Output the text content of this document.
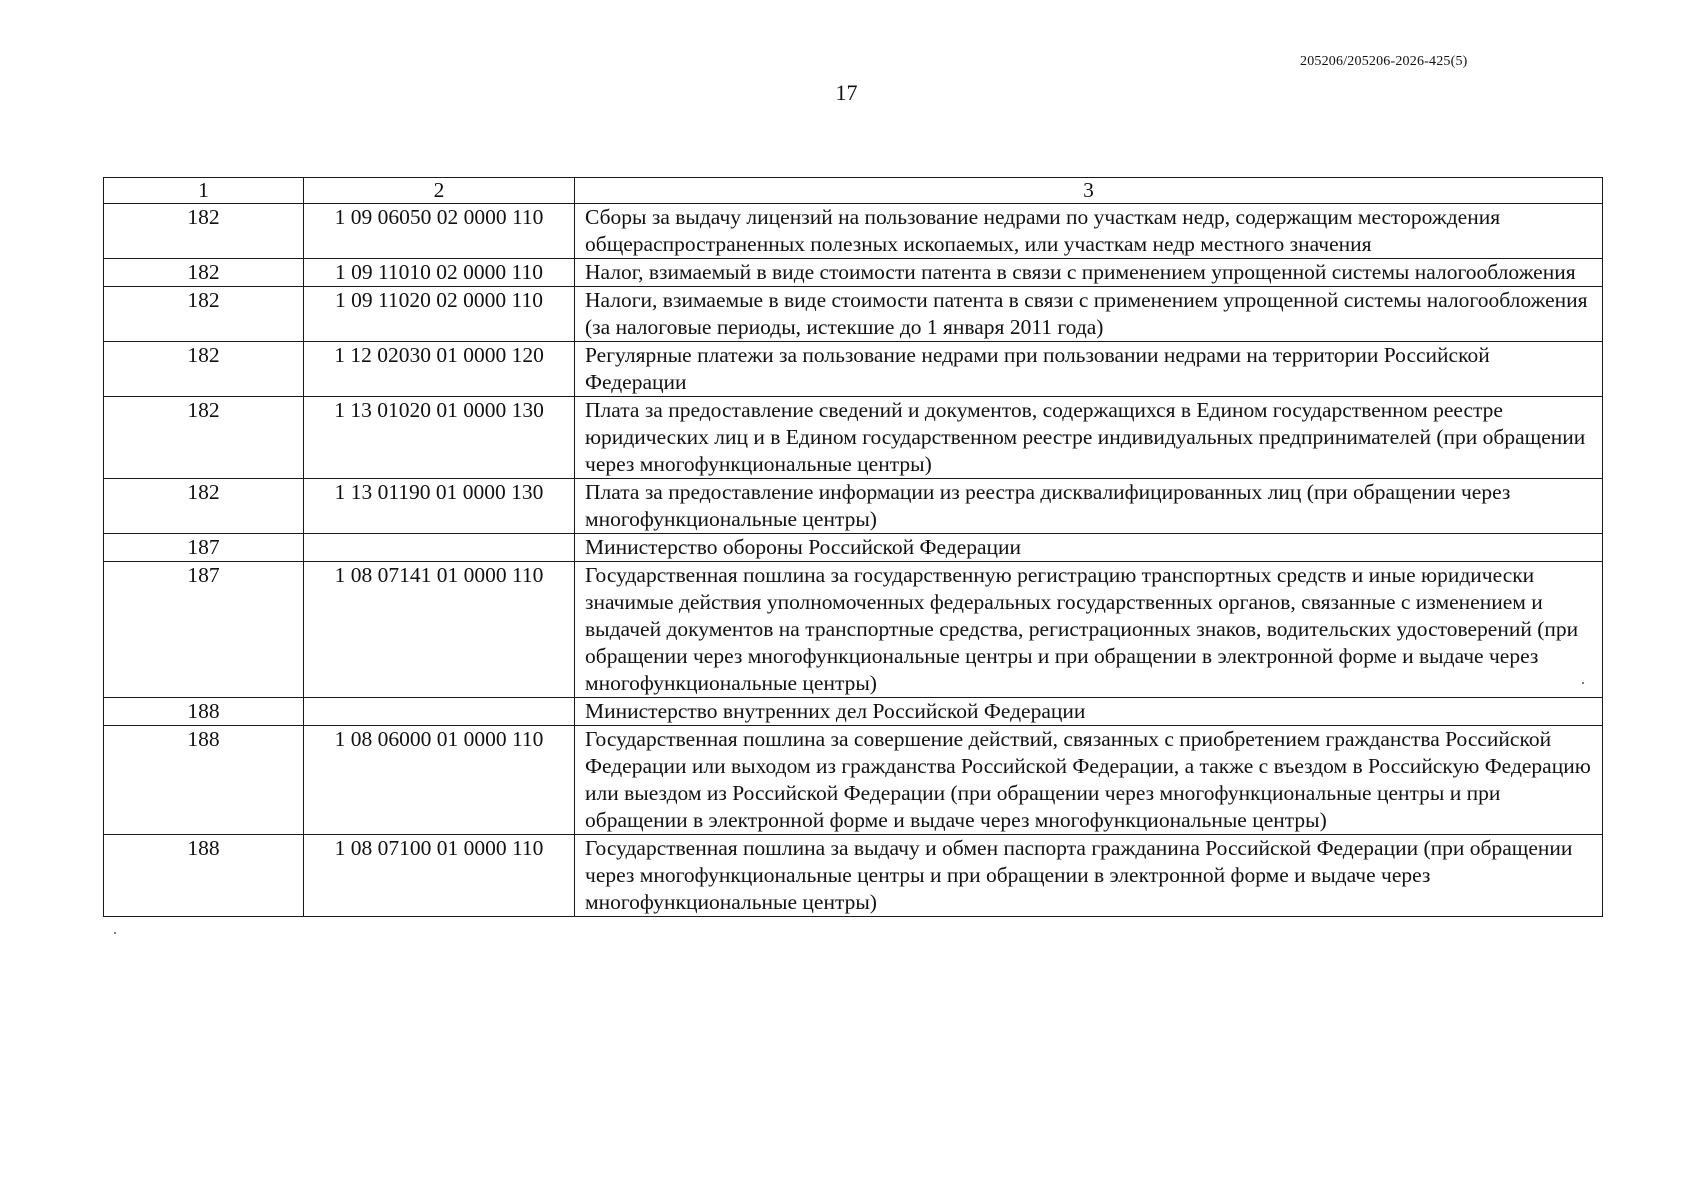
205206/205206-2026-425(5)
17
1	2	3
182	1 09 06050 02 0000 110	Сборы за выдачу лицензий на пользование недрами по участкам недр, содержащим месторождения общераспространенных полезных ископаемых, или участкам недр местного значения
182	1 09 11010 02 0000 110	Налог, взимаемый в виде стоимости патента в связи с применением упрощенной системы налогообложения
182	1 09 11020 02 0000 110	Налоги, взимаемые в виде стоимости патента в связи с применением упрощенной системы налогообложения (за налоговые периоды, истекшие до 1 января 2011 года)
182	1 12 02030 01 0000 120	Регулярные платежи за пользование недрами при пользовании недрами на территории Российской Федерации
182	1 13 01020 01 0000 130	Плата за предоставление сведений и документов, содержащихся в Едином государственном реестре юридических лиц и в Едином государственном реестре индивидуальных предпринимателей (при обращении через многофункциональные центры)
182	1 13 01190 01 0000 130	Плата за предоставление информации из реестра дисквалифицированных лиц (при обращении через многофункциональные центры)
187		Министерство обороны Российской Федерации
187	1 08 07141 01 0000 110	Государственная пошлина за государственную регистрацию транспортных средств и иные юридически значимые действия уполномоченных федеральных государственных органов, связанные с изменением и выдачей документов на транспортные средства, регистрационных знаков, водительских удостоверений (при обращении через многофункциональные центры и при обращении в электронной форме и выдаче через многофункциональные центры)
188		Министерство внутренних дел Российской Федерации
188	1 08 06000 01 0000 110	Государственная пошлина за совершение действий, связанных с приобретением гражданства Российской Федерации или выходом из гражданства Российской Федерации, а также с въездом в Российскую Федерацию или выездом из Российской Федерации (при обращении через многофункциональные центры и при обращении в электронной форме и выдаче через многофункциональные центры)
188	1 08 07100 01 0000 110	Государственная пошлина за выдачу и обмен паспорта гражданина Российской Федерации (при обращении через многофункциональные центры и при обращении в электронной форме и выдаче через многофункциональные центры)
